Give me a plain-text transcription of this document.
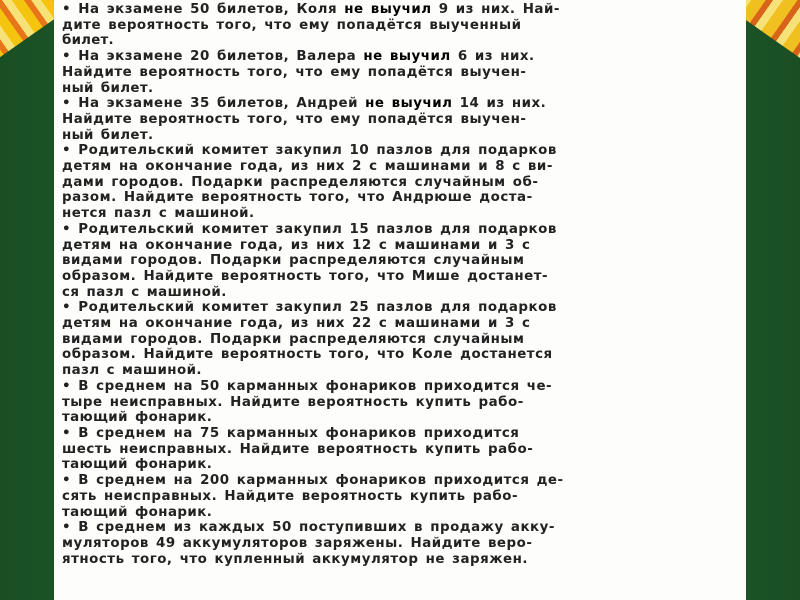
• На экзамене 50 билетов, Коля не выучил 9 из них. Най-
дите вероятность того, что ему попадётся выученный
билет.
• На экзамене 20 билетов, Валера не выучил 6 из них.
Найдите вероятность того, что ему попадётся выучен-
ный билет.
• На экзамене 35 билетов, Андрей не выучил 14 из них.
Найдите вероятность того, что ему попадётся выучен-
ный билет.
• Родительский комитет закупил 10 пазлов для подарков
детям на окончание года, из них 2 с машинами и 8 с ви-
дами городов. Подарки распределяются случайным об-
разом. Найдите вероятность того, что Андрюше доста-
нется пазл с машиной.
• Родительский комитет закупил 15 пазлов для подарков
детям на окончание года, из них 12 с машинами и 3 с
видами городов. Подарки распределяются случайным
образом. Найдите вероятность того, что Мише достанет-
ся пазл с машиной.
• Родительский комитет закупил 25 пазлов для подарков
детям на окончание года, из них 22 с машинами и 3 с
видами городов. Подарки распределяются случайным
образом. Найдите вероятность того, что Коле достанется
пазл с машиной.
• В среднем на 50 карманных фонариков приходится че-
тыре неисправных. Найдите вероятность купить рабо-
тающий фонарик.
• В среднем на 75 карманных фонариков приходится
шесть неисправных. Найдите вероятность купить рабо-
тающий фонарик.
• В среднем на 200 карманных фонариков приходится де-
сять неисправных. Найдите вероятность купить рабо-
тающий фонарик.
• В среднем из каждых 50 поступивших в продажу акку-
муляторов 49 аккумуляторов заряжены. Найдите веро-
ятность того, что купленный аккумулятор не заряжен.
